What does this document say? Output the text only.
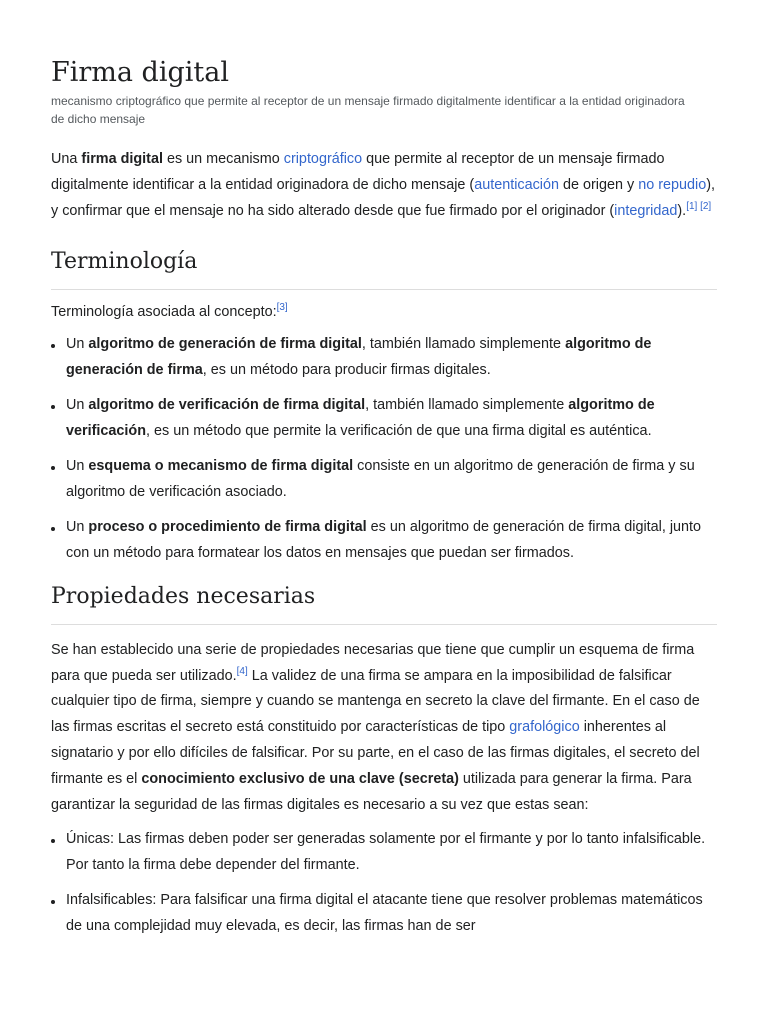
Firma digital
mecanismo criptográfico que permite al receptor de un mensaje firmado digitalmente identificar a la entidad originadora de dicho mensaje

Una firma digital es un mecanismo criptográfico que permite al receptor de un mensaje firmado digitalmente identificar a la entidad originadora de dicho mensaje (autenticación de origen y no repudio), y confirmar que el mensaje no ha sido alterado desde que fue firmado por el originador (integridad).[1] [2]

Terminología

Terminología asociada al concepto:[3]

Un algoritmo de generación de firma digital, también llamado simplemente algoritmo de generación de firma, es un método para producir firmas digitales.
Un algoritmo de verificación de firma digital, también llamado simplemente algoritmo de verificación, es un método que permite la verificación de que una firma digital es auténtica.
Un esquema o mecanismo de firma digital consiste en un algoritmo de generación de firma y su algoritmo de verificación asociado.
Un proceso o procedimiento de firma digital es un algoritmo de generación de firma digital, junto con un método para formatear los datos en mensajes que puedan ser firmados.
Propiedades necesarias

Se han establecido una serie de propiedades necesarias que tiene que cumplir un esquema de firma para que pueda ser utilizado.[4] La validez de una firma se ampara en la imposibilidad de falsificar cualquier tipo de firma, siempre y cuando se mantenga en secreto la clave del firmante. En el caso de las firmas escritas el secreto está constituido por características de tipo grafológico inherentes al signatario y por ello difíciles de falsificar. Por su parte, en el caso de las firmas digitales, el secreto del firmante es el conocimiento exclusivo de una clave (secreta) utilizada para generar la firma. Para garantizar la seguridad de las firmas digitales es necesario a su vez que estas sean:

Únicas: Las firmas deben poder ser generadas solamente por el firmante y por lo tanto infalsificable. Por tanto la firma debe depender del firmante.
Infalsificables: Para falsificar una firma digital el atacante tiene que resolver problemas matemáticos de una complejidad muy elevada, es decir, las firmas han de ser
